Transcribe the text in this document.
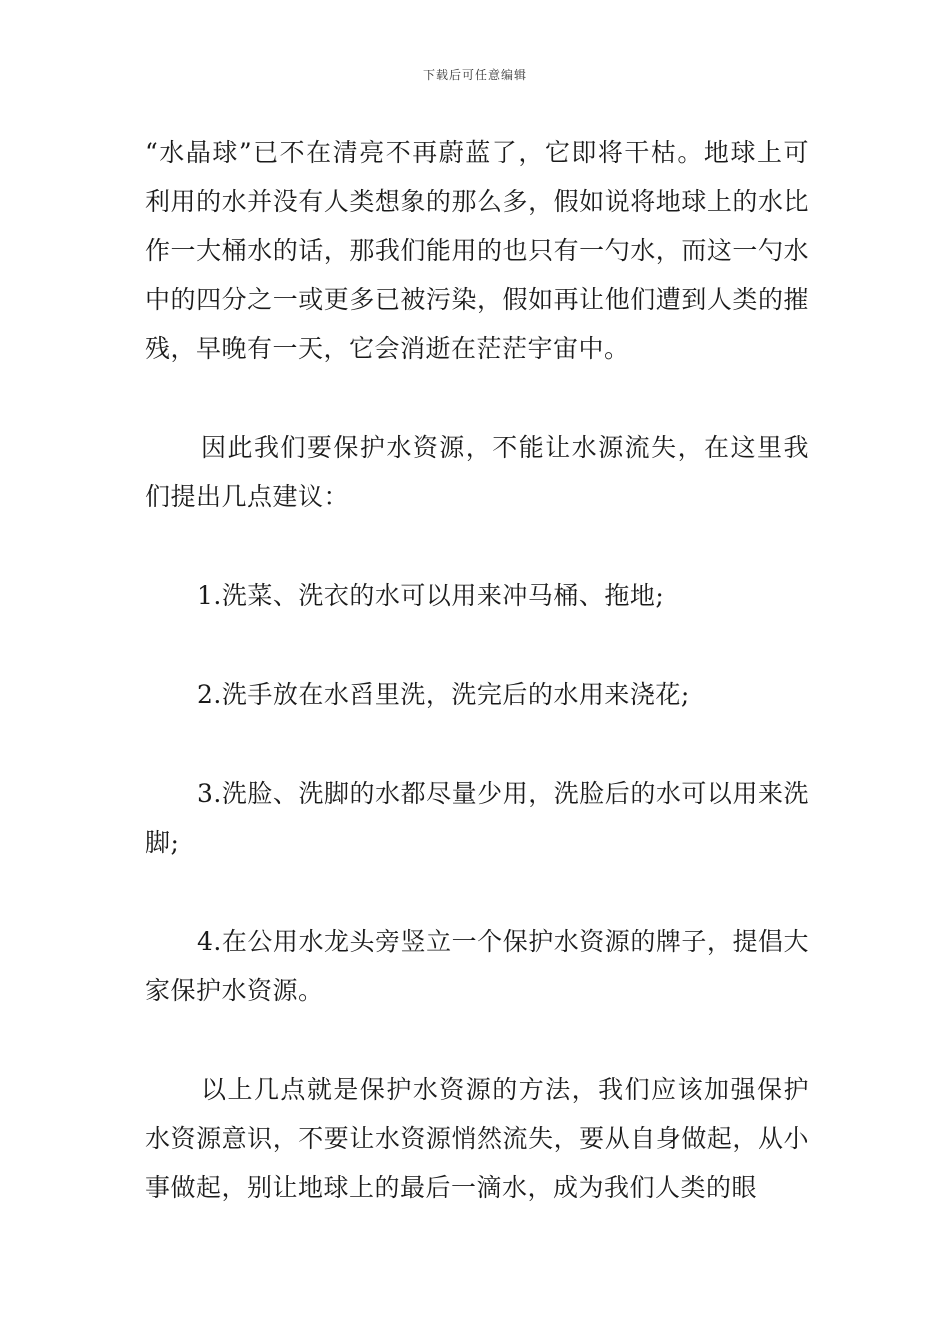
下载后可任意编辑

“水晶球”已不在清亮不再蔚蓝了，它即将干枯。地球上可利用的水并没有人类想象的那么多，假如说将地球上的水比作一大桶水的话，那我们能用的也只有一勺水，而这一勺水中的四分之一或更多已被污染，假如再让他们遭到人类的摧残，早晚有一天，它会消逝在茫茫宇宙中。

因此我们要保护水资源，不能让水源流失，在这里我们提出几点建议：

1.洗菜、洗衣的水可以用来冲马桶、拖地;

2.洗手放在水舀里洗，洗完后的水用来浇花;

3.洗脸、洗脚的水都尽量少用，洗脸后的水可以用来洗脚;

4.在公用水龙头旁竖立一个保护水资源的牌子，提倡大家保护水资源。

以上几点就是保护水资源的方法，我们应该加强保护水资源意识，不要让水资源悄然流失，要从自身做起，从小事做起，别让地球上的最后一滴水，成为我们人类的眼
